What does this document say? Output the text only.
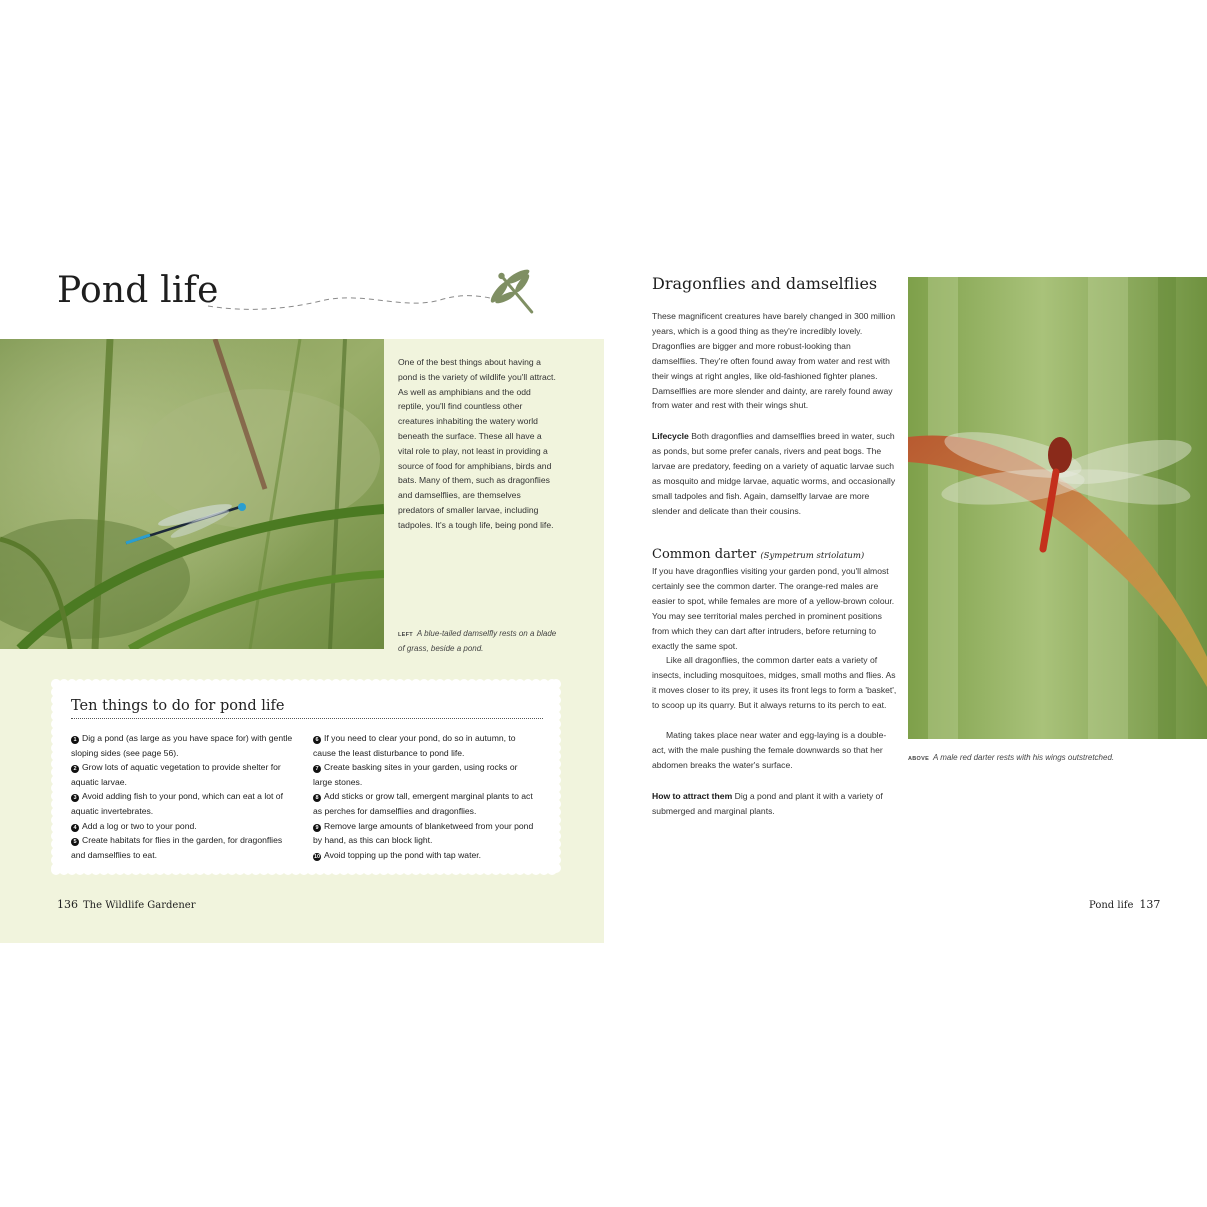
Pond life
One of the best things about having a pond is the variety of wildlife you'll attract. As well as amphibians and the odd reptile, you'll find countless other creatures inhabiting the watery world beneath the surface. These all have a vital role to play, not least in providing a source of food for amphibians, birds and bats. Many of them, such as dragonflies and damselflies, are themselves predators of smaller larvae, including tadpoles. It's a tough life, being pond life.
LEFT A blue-tailed damselfly rests on a blade of grass, beside a pond.
Ten things to do for pond life

1 Dig a pond (as large as you have space for) with gentle sloping sides (see page 56).

2 Grow lots of aquatic vegetation to provide shelter for aquatic larvae.

3 Avoid adding fish to your pond, which can eat a lot of aquatic invertebrates.

4 Add a log or two to your pond.

5 Create habitats for flies in the garden, for dragonflies and damselflies to eat.

6 If you need to clear your pond, do so in autumn, to cause the least disturbance to pond life.

7 Create basking sites in your garden, using rocks or large stones.

8 Add sticks or grow tall, emergent marginal plants to act as perches for damselflies and dragonflies.

9 Remove large amounts of blanketweed from your pond by hand, as this can block light.

10 Avoid topping up the pond with tap water.

136 The Wildlife Gardener
Dragonflies and damselflies

These magnificent creatures have barely changed in 300 million years, which is a good thing as they're incredibly lovely. Dragonflies are bigger and more robust-looking than damselflies. They're often found away from water and rest with their wings at right angles, like old-fashioned fighter planes. Damselflies are more slender and dainty, are rarely found away from water and rest with their wings shut.

Lifecycle Both dragonflies and damselflies breed in water, such as ponds, but some prefer canals, rivers and peat bogs. The larvae are predatory, feeding on a variety of aquatic larvae such as mosquito and midge larvae, aquatic worms, and occasionally small tadpoles and fish. Again, damselfly larvae are more slender and delicate than their cousins.

Common darter (Sympetrum striolatum)

If you have dragonflies visiting your garden pond, you'll almost certainly see the common darter. The orange-red males are easier to spot, while females are more of a yellow-brown colour. You may see territorial males perched in prominent positions from which they can dart after intruders, before returning to exactly the same spot.

Like all dragonflies, the common darter eats a variety of insects, including mosquitoes, midges, small moths and flies. As it moves closer to its prey, it uses its front legs to form a 'basket', to scoop up its quarry. But it always returns to its perch to eat.

Mating takes place near water and egg-laying is a double-act, with the male pushing the female downwards so that her abdomen breaks the water's surface.

How to attract them Dig a pond and plant it with a variety of submerged and marginal plants.

ABOVE A male red darter rests with his wings outstretched.
Pond life 137
